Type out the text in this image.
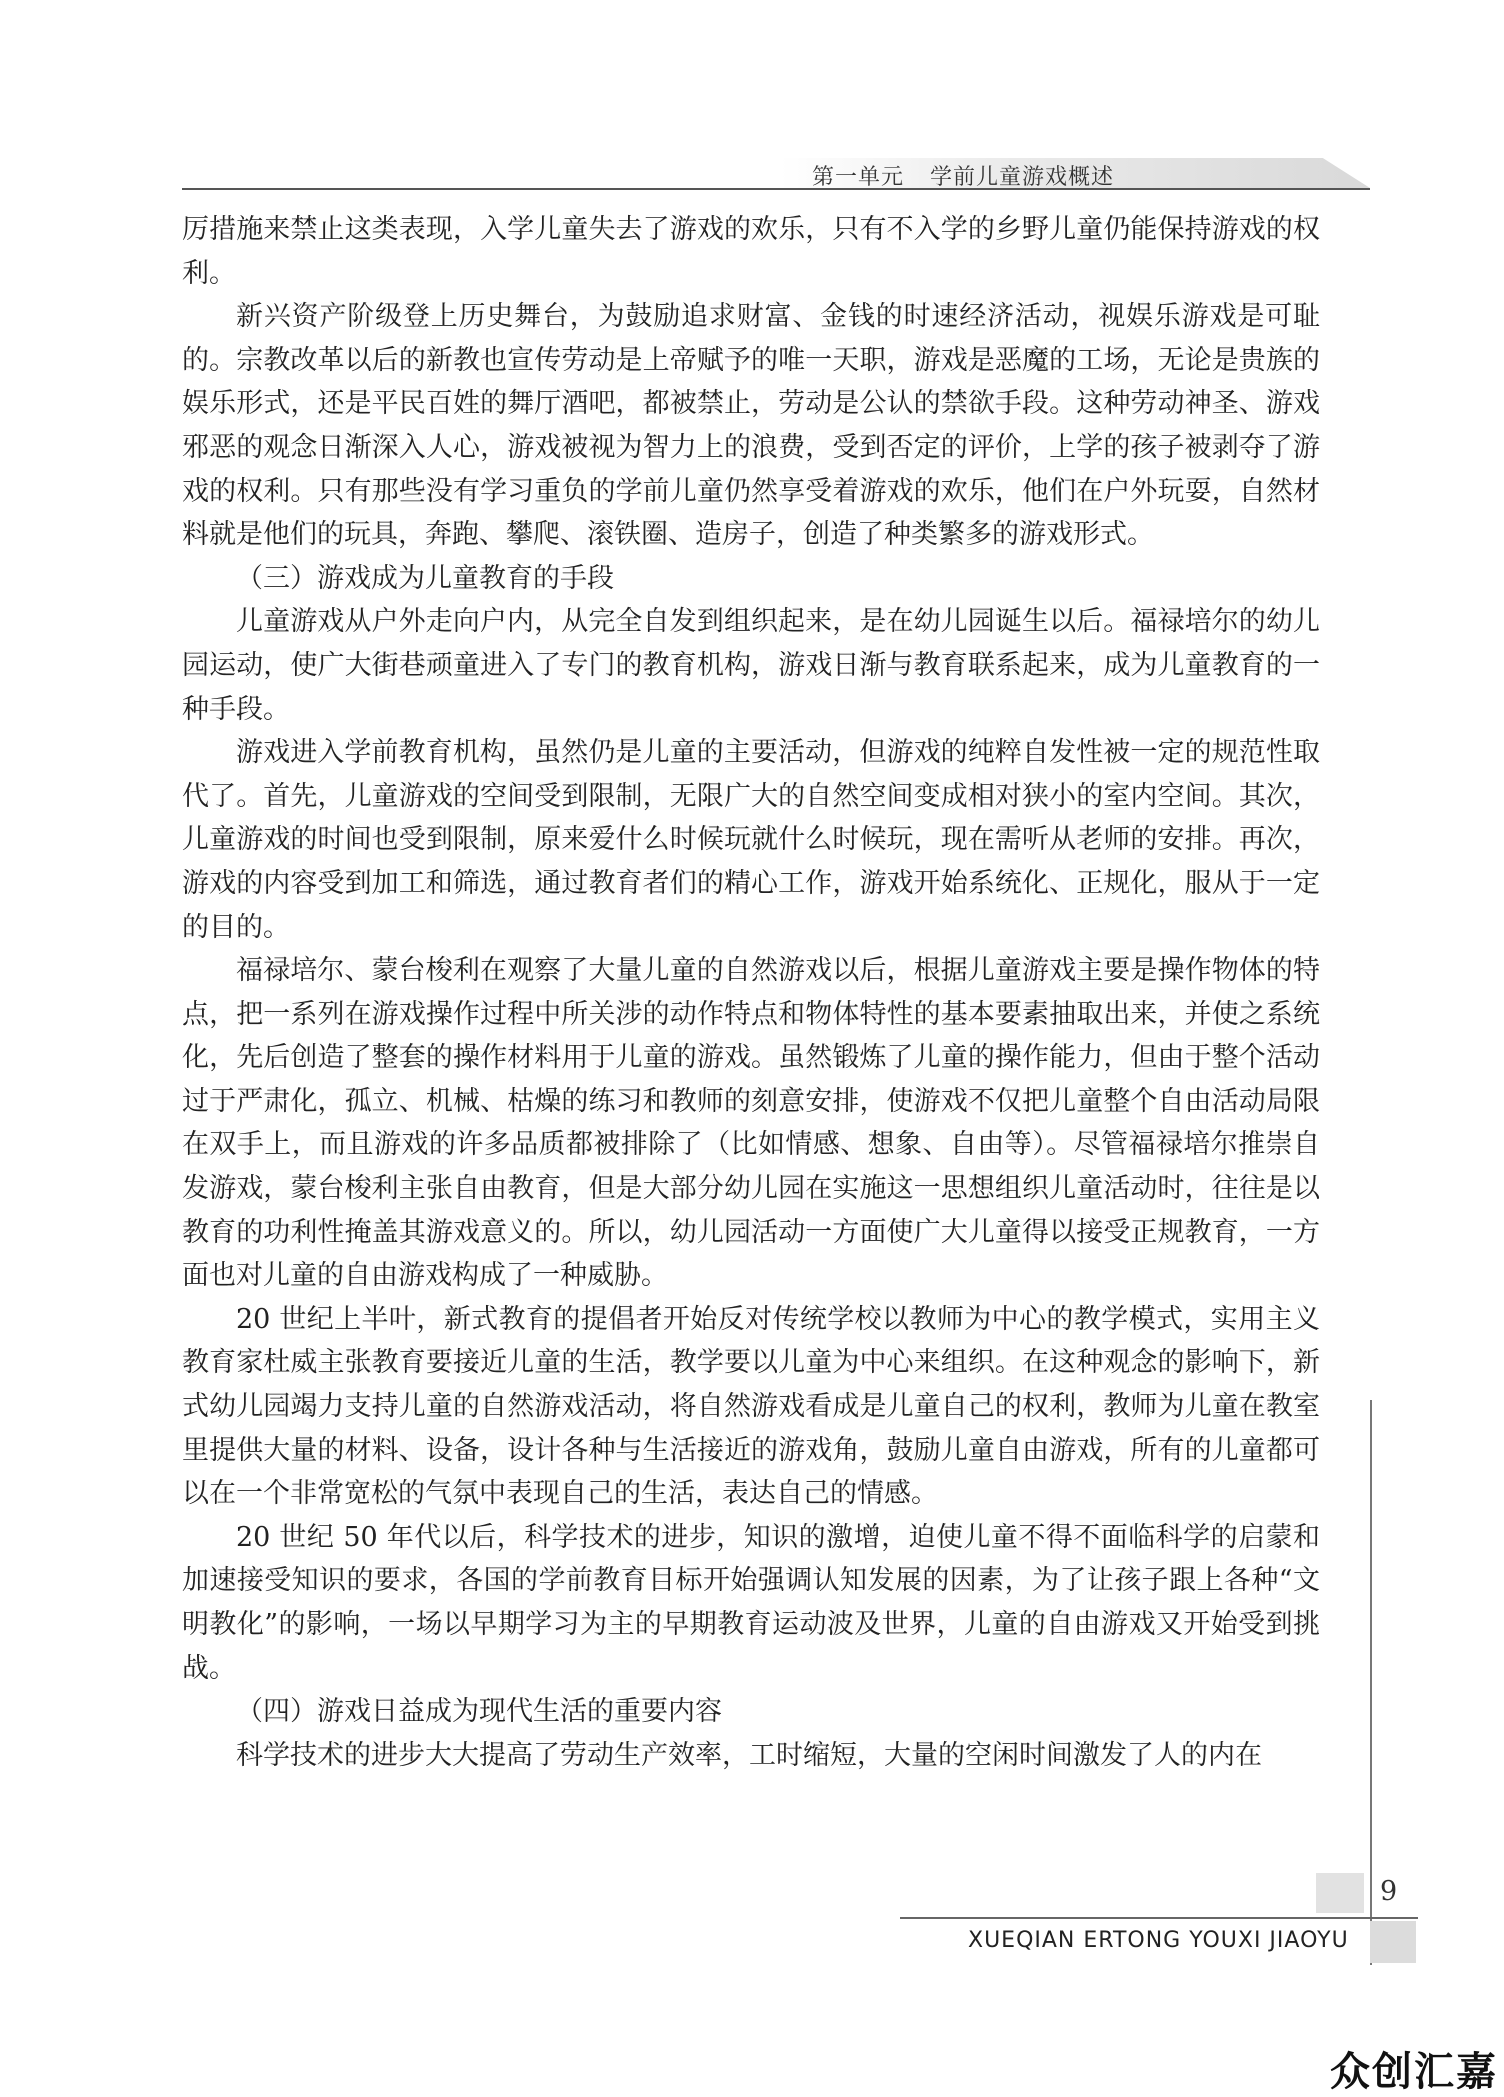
第一单元 学前儿童游戏概述

厉措施来禁止这类表现，入学儿童失去了游戏的欢乐，只有不入学的乡野儿童仍能保持游戏的权利。

新兴资产阶级登上历史舞台，为鼓励追求财富、金钱的时速经济活动，视娱乐游戏是可耻的。宗教改革以后的新教也宣传劳动是上帝赋予的唯一天职，游戏是恶魔的工场，无论是贵族的娱乐形式，还是平民百姓的舞厅酒吧，都被禁止，劳动是公认的禁欲手段。这种劳动神圣、游戏邪恶的观念日渐深入人心，游戏被视为智力上的浪费，受到否定的评价，上学的孩子被剥夺了游戏的权利。只有那些没有学习重负的学前儿童仍然享受着游戏的欢乐，他们在户外玩耍，自然材料就是他们的玩具，奔跑、攀爬、滚铁圈、造房子，创造了种类繁多的游戏形式。

（三）游戏成为儿童教育的手段

儿童游戏从户外走向户内，从完全自发到组织起来，是在幼儿园诞生以后。福禄培尔的幼儿园运动，使广大街巷顽童进入了专门的教育机构，游戏日渐与教育联系起来，成为儿童教育的一种手段。

游戏进入学前教育机构，虽然仍是儿童的主要活动，但游戏的纯粹自发性被一定的规范性取代了。首先，儿童游戏的空间受到限制，无限广大的自然空间变成相对狭小的室内空间。其次，儿童游戏的时间也受到限制，原来爱什么时候玩就什么时候玩，现在需听从老师的安排。再次，游戏的内容受到加工和筛选，通过教育者们的精心工作，游戏开始系统化、正规化，服从于一定的目的。

福禄培尔、蒙台梭利在观察了大量儿童的自然游戏以后，根据儿童游戏主要是操作物体的特点，把一系列在游戏操作过程中所关涉的动作特点和物体特性的基本要素抽取出来，并使之系统化，先后创造了整套的操作材料用于儿童的游戏。虽然锻炼了儿童的操作能力，但由于整个活动过于严肃化，孤立、机械、枯燥的练习和教师的刻意安排，使游戏不仅把儿童整个自由活动局限在双手上，而且游戏的许多品质都被排除了（比如情感、想象、自由等）。尽管福禄培尔推崇自发游戏，蒙台梭利主张自由教育，但是大部分幼儿园在实施这一思想组织儿童活动时，往往是以教育的功利性掩盖其游戏意义的。所以，幼儿园活动一方面使广大儿童得以接受正规教育，一方面也对儿童的自由游戏构成了一种威胁。

20 世纪上半叶，新式教育的提倡者开始反对传统学校以教师为中心的教学模式，实用主义教育家杜威主张教育要接近儿童的生活，教学要以儿童为中心来组织。在这种观念的影响下，新式幼儿园竭力支持儿童的自然游戏活动，将自然游戏看成是儿童自己的权利，教师为儿童在教室里提供大量的材料、设备，设计各种与生活接近的游戏角，鼓励儿童自由游戏，所有的儿童都可以在一个非常宽松的气氛中表现自己的生活，表达自己的情感。

20 世纪 50 年代以后，科学技术的进步，知识的激增，迫使儿童不得不面临科学的启蒙和加速接受知识的要求，各国的学前教育目标开始强调认知发展的因素，为了让孩子跟上各种“文明教化”的影响，一场以早期学习为主的早期教育运动波及世界，儿童的自由游戏又开始受到挑战。

（四）游戏日益成为现代生活的重要内容

科学技术的进步大大提高了劳动生产效率，工时缩短，大量的空闲时间激发了人的内在

9
XUEQIAN ERTONG YOUXI JIAOYU
众创汇嘉
